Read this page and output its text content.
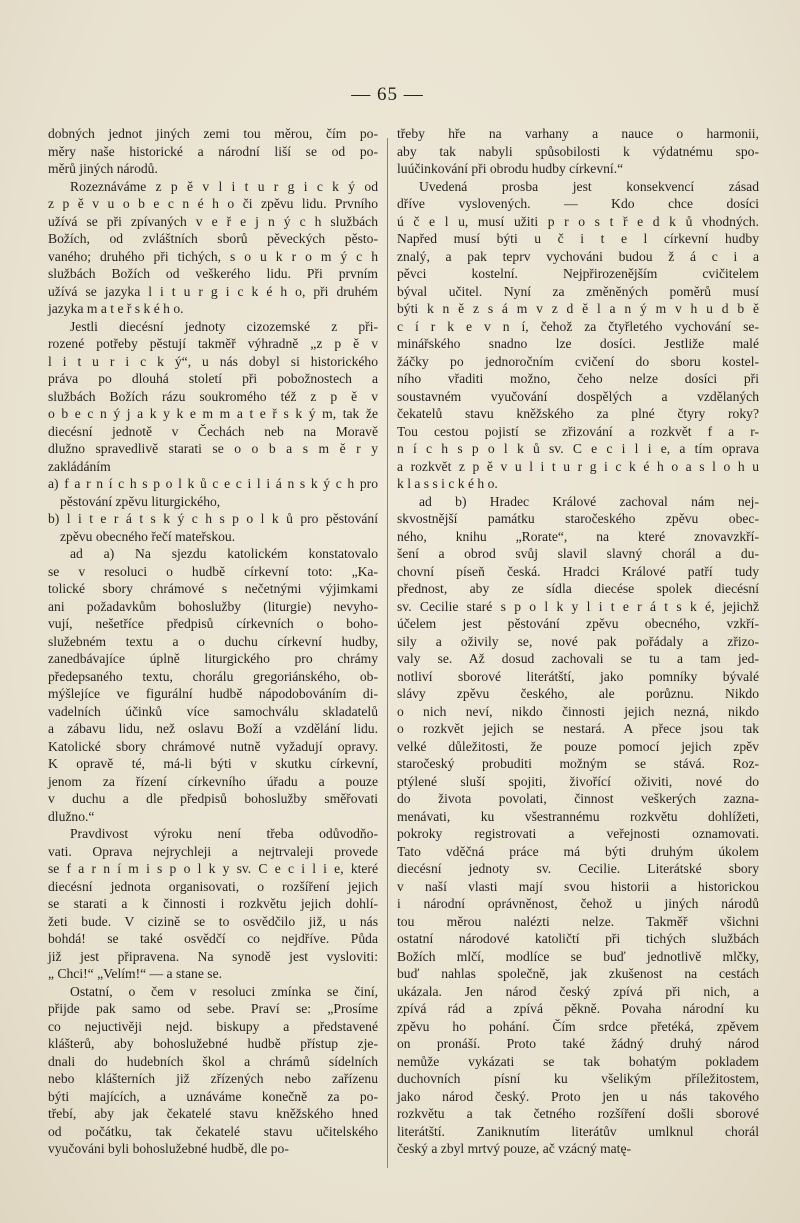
— 65 —
dobných jednot jiných zemi tou měrou, čím po-
měry naše historické a národní liší se od po-
měrů jiných národů.
Rozeznáváme z p ě v l i t u r g i c k ý od
z p ě v u o b e c n é h o či zpěvu lidu. Prvního
užívá se při zpívaných v e ř e j n ý c h službách
Božích, od zvláštních sborů pěveckých pěsto-
vaného; druhého při tichých, s o u k r o m ý c h
službách Božích od veškerého lidu. Při prvním
užívá se jazyka l i t u r g i c k é h o, při druhém
jazyka m a t e ř s k é h o.
Jestli diecésní jednoty cizozemské z při-
rozené potřeby pěstují takměř výhradně „z p ě v
l i t u r i c k ý“, u nás dobyl si historického
práva po dlouhá století při pobožnostech a
službách Božích rázu soukromého též z p ě v
o b e c n ý j a k y k e m m a t e ř s k ý m, tak že
diecésní jednotě v Čechách neb na Moravě
dlužno spravedlivě starati se o o b a s m ě r y
zakládáním
a) f a r n í c h s p o l k ů c e c i l i á n s k ý c h pro
pěstování zpěvu liturgického,
b) l i t e r á t s k ý c h s p o l k ů pro pěstování
zpěvu obecného řečí mateřskou.
ad a) Na sjezdu katolickém konstatovalo
se v resoluci o hudbě církevní toto: „Ka-
tolické sbory chrámové s nečetnými výjimkami
ani požadavkům bohoslužby (liturgie) nevyho-
vují, nešetříce předpisů církevních o boho-
služebném textu a o duchu církevní hudby,
zanedbávajíce úplně liturgického pro chrámy
předepsaného textu, chorálu gregoriánského, ob-
mýšlejíce ve figurální hudbě nápodobováním di-
vadelních účinků více samochválu skladatelů
a zábavu lidu, než oslavu Boží a vzdělání lidu.
Katolické sbory chrámové nutně vyžadují opravy.
K opravě té, má-li býti v skutku církevní,
jenom za řízení církevního úřadu a pouze
v duchu a dle předpisů bohoslužby směřovati
dlužno.“
Pravdivost výroku není třeba odůvodňo-
vati. Oprava nejrychleji a nejtrvaleji provede
se f a r n í m i s p o l k y sv. C e c i l i e, které
diecésní jednota organisovati, o rozšíření jejich
se starati a k činnosti i rozkvětu jejich dohlí-
žeti bude. V cizině se to osvědčilo již, u nás
bohdá! se také osvědčí co nejdříve. Půda
již jest připravena. Na synodě jest vysloviti:
„ Chci!“ „Velím!“ — a stane se.
Ostatní, o čem v resoluci zmínka se činí,
přijde pak samo od sebe. Praví se: „Prosíme
co nejuctivěji nejd. biskupy a představené
klášterů, aby bohoslužebné hudbě přístup zje-
dnali do hudebních škol a chrámů sídelních
nebo klášterních již zřízených nebo zařízenu
býti majících, a uznáváme konečně za po-
třebí, aby jak čekatelé stavu kněžského hned
od počátku, tak čekatelé stavu učitelského
vyučováni byli bohoslužebné hudbě, dle po-
třeby hře na varhany a nauce o harmonii,
aby tak nabyli spůsobilosti k výdatnému spo-
luúčinkování při obrodu hudby církevní.“
Uvedená prosba jest konsekvencí zásad
dříve vyslovených. — Kdo chce dosíci
ú č e l u, musí užiti p r o s t ř e d k ů vhodných.
Napřed musí býti u č i t e l církevní hudby
znalý, a pak teprv vychováni budou ž á c i a
pěvci kostelní. Nejpřirozenějším cvičitelem
býval učitel. Nyní za změněných poměrů musí
býti k n ě z s á m v z d ě l a n ý m v h u d b ě
c í r k e v n í, čehož za čtyřletého vychování se-
minářského snadno lze dosíci. Jestliže malé
žáčky po jednoročním cvičení do sboru kostel-
ního vřaditi možno, čeho nelze dosíci při
soustavném vyučování dospělých a vzdělaných
čekatelů stavu kněžského za plné čtyry roky?
Tou cestou pojistí se zřizování a rozkvět f a r-
n í c h s p o l k ů sv. C e c i l i e, a tím oprava
a rozkvět z p ě v u l i t u r g i c k é h o a s l o h u
k l a s s i c k é h o.
ad b) Hradec Králové zachoval nám nej-
skvostnější památku staročeského zpěvu obec-
ného, knihu „Rorate“, na které znovavzkří-
šení a obrod svůj slavil slavný chorál a du-
chovní píseň česká. Hradci Králové patří tudy
přednost, aby ze sídla diecése spolek diecésní
sv. Cecilie staré s p o l k y l i t e r á t s k é, jejichž
účelem jest pěstování zpěvu obecného, vzkří-
sily a oživily se, nové pak pořádaly a zřizo-
valy se. Až dosud zachovali se tu a tam jed-
notliví sborové literátští, jako pomníky bývalé
slávy zpěvu českého, ale porůznu. Nikdo
o nich neví, nikdo činnosti jejich nezná, nikdo
o rozkvět jejich se nestará. A přece jsou tak
velké důležitosti, že pouze pomocí jejich zpěv
staročeský probuditi možným se stává. Roz-
ptýlené sluší spojiti, živořící oživiti, nové do
do života povolati, činnost veškerých zazna-
menávati, ku všestrannému rozkvětu dohlížeti,
pokroky registrovati a veřejnosti oznamovati.
Tato vděčná práce má býti druhým úkolem
diecésní jednoty sv. Cecilie. Literátské sbory
v naší vlasti mají svou historii a historickou
i národní oprávněnost, čehož u jiných národů
tou měrou nalézti nelze. Takměř všichni
ostatní národové katoličtí při tichých službách
Božích mlčí, modlíce se buď jednotlivě mlčky,
buď nahlas společně, jak zkušenost na cestách
ukázala. Jen národ český zpívá při nich, a
zpívá rád a zpívá pěkně. Povaha národní ku
zpěvu ho pohání. Čím srdce přetéká, zpěvem
on pronáší. Proto také žádný druhý národ
nemůže vykázati se tak bohatým pokladem
duchovních písní ku všelikým příležitostem,
jako národ český. Proto jen u nás takového
rozkvětu a tak četného rozšíření došli sborové
literátští. Zaniknutím literátův umlknul chorál
český a zbyl mrtvý pouze, ač vzácný matę-
